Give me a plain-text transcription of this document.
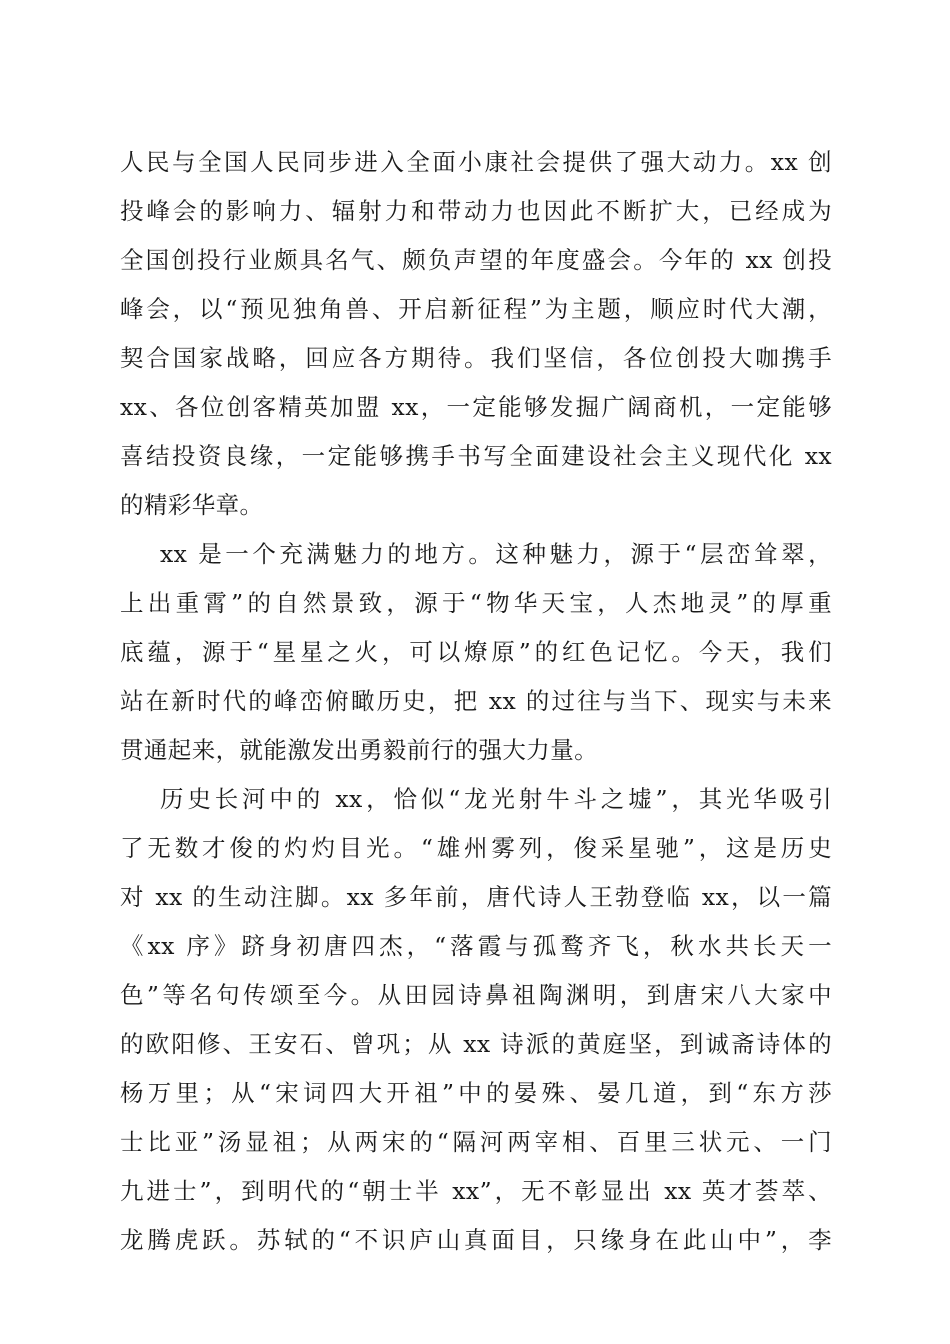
人民与全国人民同步进入全面小康社会提供了强大动力。xx 创
投峰会的影响力、辐射力和带动力也因此不断扩大，已经成为
全国创投行业颇具名气、颇负声望的年度盛会。今年的 xx 创投
峰会，以“预见独角兽、开启新征程”为主题，顺应时代大潮，
契合国家战略，回应各方期待。我们坚信，各位创投大咖携手
xx、各位创客精英加盟 xx，一定能够发掘广阔商机，一定能够
喜结投资良缘，一定能够携手书写全面建设社会主义现代化 xx
的精彩华章。
xx 是一个充满魅力的地方。这种魅力，源于“层峦耸翠，
上出重霄”的自然景致，源于“物华天宝，人杰地灵”的厚重
底蕴，源于“星星之火，可以燎原”的红色记忆。今天，我们
站在新时代的峰峦俯瞰历史，把 xx 的过往与当下、现实与未来
贯通起来，就能激发出勇毅前行的强大力量。
历史长河中的 xx，恰似“龙光射牛斗之墟”，其光华吸引
了无数才俊的灼灼目光。“雄州雾列，俊采星驰”，这是历史
对 xx 的生动注脚。xx 多年前，唐代诗人王勃登临 xx，以一篇
《xx 序》跻身初唐四杰，“落霞与孤鹜齐飞，秋水共长天一
色”等名句传颂至今。从田园诗鼻祖陶渊明，到唐宋八大家中
的欧阳修、王安石、曾巩；从 xx 诗派的黄庭坚，到诚斋诗体的
杨万里；从“宋词四大开祖”中的晏殊、晏几道，到“东方莎
士比亚”汤显祖；从两宋的“隔河两宰相、百里三状元、一门
九进士”，到明代的“朝士半 xx”，无不彰显出 xx 英才荟萃、
龙腾虎跃。苏轼的“不识庐山真面目，只缘身在此山中”，李
